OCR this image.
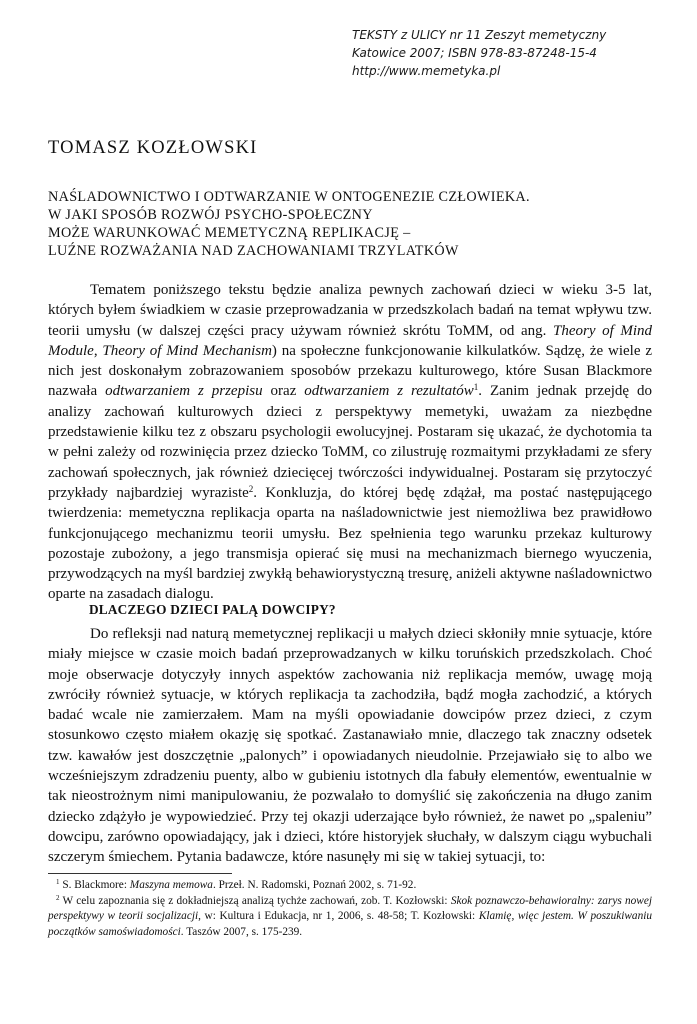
TEKSTY z ULICY nr 11 Zeszyt memetyczny
Katowice 2007; ISBN 978-83-87248-15-4
http://www.memetyka.pl
TOMASZ KOZŁOWSKI
NAŚLADOWNICTWO I ODTWARZANIE W ONTOGENEZIE CZŁOWIEKA.
W JAKI SPOSÓB ROZWÓJ PSYCHO-SPOŁECZNY
MOŻE WARUNKOWAĆ MEMETYCZNĄ REPLIKACJĘ –
LUŹNE ROZWAŻANIA NAD ZACHOWANIAMI TRZYLATKÓW

Tematem poniższego tekstu będzie analiza pewnych zachowań dzieci w wieku 3-5 lat, których byłem świadkiem w czasie przeprowadzania w przedszkolach badań na temat wpływu tzw. teorii umysłu (w dalszej części pracy używam również skrótu ToMM, od ang. Theory of Mind Module, Theory of Mind Mechanism) na społeczne funkcjonowanie kilkulatków. Sądzę, że wiele z nich jest doskonałym zobrazowaniem sposobów przekazu kulturowego, które Susan Blackmore nazwała odtwarzaniem z przepisu oraz odtwarzaniem z rezultatów$^1$. Zanim jednak przejdę do analizy zachowań kulturowych dzieci z perspektywy memetyki, uważam za niezbędne przedstawienie kilku tez z obszaru psychologii ewolucyjnej. Postaram się ukazać, że dychotomia ta w pełni zależy od rozwinięcia przez dziecko ToMM, co zilustruję rozmaitymi przykładami ze sfery zachowań społecznych, jak również dziecięcej twórczości indywidualnej. Postaram się przytoczyć przykłady najbardziej wyraziste$^2$. Konkluzja, do której będę zdążał, ma postać następującego twierdzenia: memetyczna replikacja oparta na naśladownictwie jest niemożliwa bez prawidłowo funkcjonującego mechanizmu teorii umysłu. Bez spełnienia tego warunku przekaz kulturowy pozostaje zubożony, a jego transmisja opierać się musi na mechanizmach biernego wyuczenia, przywodzących na myśl bardziej zwykłą behawiorystyczną tresurę, aniżeli aktywne naśladownictwo oparte na zasadach dialogu.

DLACZEGO DZIECI PALĄ DOWCIPY?

Do refleksji nad naturą memetycznej replikacji u małych dzieci skłoniły mnie sytuacje, które miały miejsce w czasie moich badań przeprowadzanych w kilku toruńskich przedszkolach. Choć moje obserwacje dotyczyły innych aspektów zachowania niż replikacja memów, uwagę moją zwróciły również sytuacje, w których replikacja ta zachodziła, bądź mogła zachodzić, a których badać wcale nie zamierzałem. Mam na myśli opowiadanie dowcipów przez dzieci, z czym stosunkowo często miałem okazję się spotkać. Zastanawiało mnie, dlaczego tak znaczny odsetek tzw. kawałów jest doszczętnie „palonych” i opowiadanych nieudolnie. Przejawiało się to albo we wcześniejszym zdradzeniu puenty, albo w gubieniu istotnych dla fabuły elementów, ewentualnie w tak nieostrożnym nimi manipulowaniu, że pozwalało to domyślić się zakończenia na długo zanim dziecko zdążyło je wypowiedzieć. Przy tej okazji uderzające było również, że nawet po „spaleniu” dowcipu, zarówno opowiadający, jak i dzieci, które historyjek słuchały, w dalszym ciągu wybuchali szczerym śmiechem. Pytania badawcze, które nasunęły mi się w takiej sytuacji, to:

$^1$ S. Blackmore: Maszyna memowa. Przeł. N. Radomski, Poznań 2002, s. 71-92.

$^2$ W celu zapoznania się z dokładniejszą analizą tychże zachowań, zob. T. Kozłowski: Skok poznawczo-behawioralny: zarys nowej perspektywy w teorii socjalizacji, w: Kultura i Edukacja, nr 1, 2006, s. 48-58; T. Kozłowski: Klamię, więc jestem. W poszukiwaniu początków samoświadomości. Taszów 2007, s. 175-239.
